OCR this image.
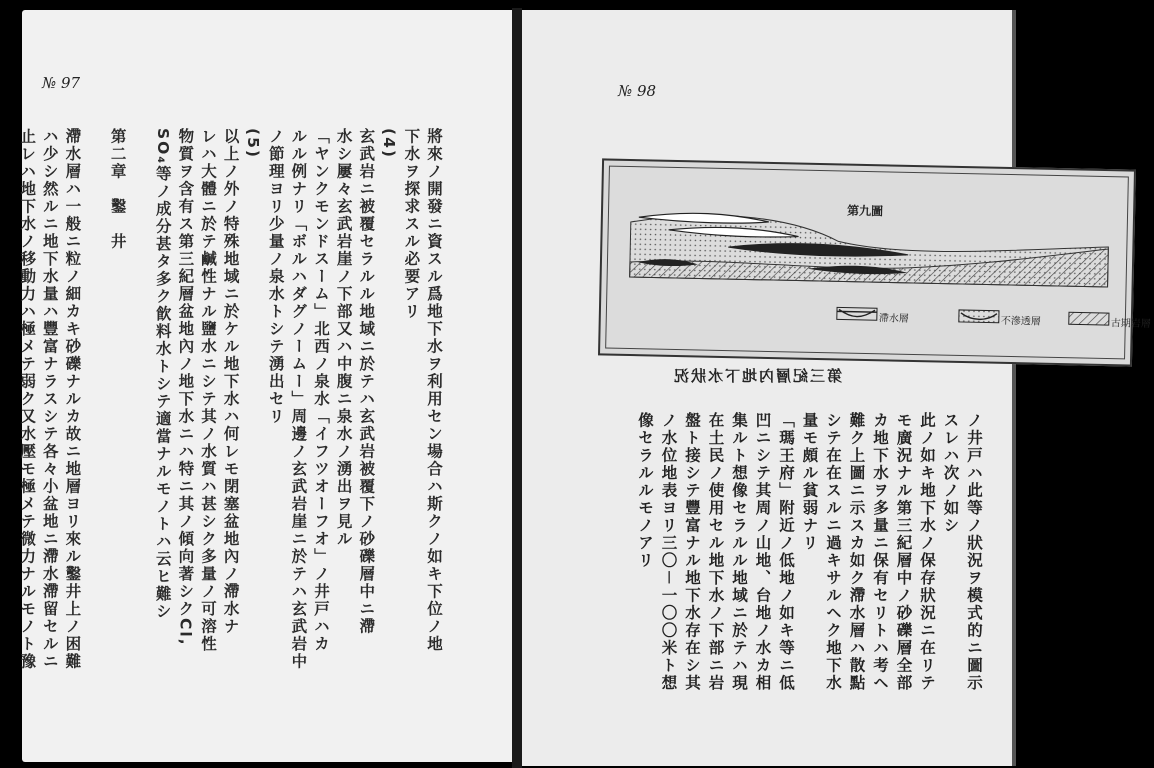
№ 97
將來ノ開發ニ資スル爲地下水ヲ利用セン場合ハ斯クノ如キ下位ノ地
下水ヲ探求スル必要アリ
(4)
玄武岩ニ被覆セラルル地域ニ於テハ玄武岩被覆下ノ砂礫層中ニ滯
水シ屢々玄武岩崖ノ下部又ハ中腹ニ泉水ノ湧出ヲ見ル
「ヤンクモンドスーム」北西ノ泉水「イフツオーフオ」ノ井戸ハカ
ルル例ナリ「ボルハダグノームー」周邊ノ玄武岩崖ニ於テハ玄武岩中
ノ節理ヨリ少量ノ泉水トシテ湧出セリ
(5)
以上ノ外ノ特殊地域ニ於ケル地下水ハ何レモ閉塞盆地內ノ滯水ナ
レハ大體ニ於テ鹹性ナル鹽水ニシテ其ノ水質ハ甚シク多量ノ可溶性
物質ヲ含有ス第三紀層盆地內ノ地下水ニハ特ニ其ノ傾向著シクCl,
SO₄等ノ成分甚タ多ク飮料水トシテ適當ナルモノトハ云ヒ難シ
第二章　鑿　井
滯水層ハ一般ニ粒ノ細カキ砂礫ナルカ故ニ地層ヨリ來ル鑿井上ノ困難
ハ少シ然ルニ地下水量ハ豐富ナラスシテ各々小盆地ニ滯水滯留セルニ
止レハ地下水ノ移動力ハ極メテ弱ク又水壓モ極メテ微力ナルモノト豫
№ 98
第三紀層內地下水狀況
ノ井戸ハ此等ノ狀況ヲ模式的ニ圖示
スレハ次ノ如シ
此ノ如キ地下水ノ保存狀況ニ在リテ
モ廣況ナル第三紀層中ノ砂礫層全部
カ地下水ヲ多量ニ保有セリトハ考ヘ
難ク上圖ニ示スカ如ク滯水層ハ散點
シテ在在スルニ過キサルヘク地下水
量モ頗ル貧弱ナリ
「瑪王府」附近ノ低地ノ如キ等ニ低
凹ニシテ其周ノ山地、台地ノ水カ相
集ルト想像セラルル地域ニ於テハ現
在土民ノ使用セル地下水ノ下部ニ岩
盤ト接シテ豐富ナル地下水存在シ其
ノ水位地表ヨリ三〇－一〇〇米ト想
像セラルルモノアリ
第九圖
滯水層	不滲透層	古期岩層
